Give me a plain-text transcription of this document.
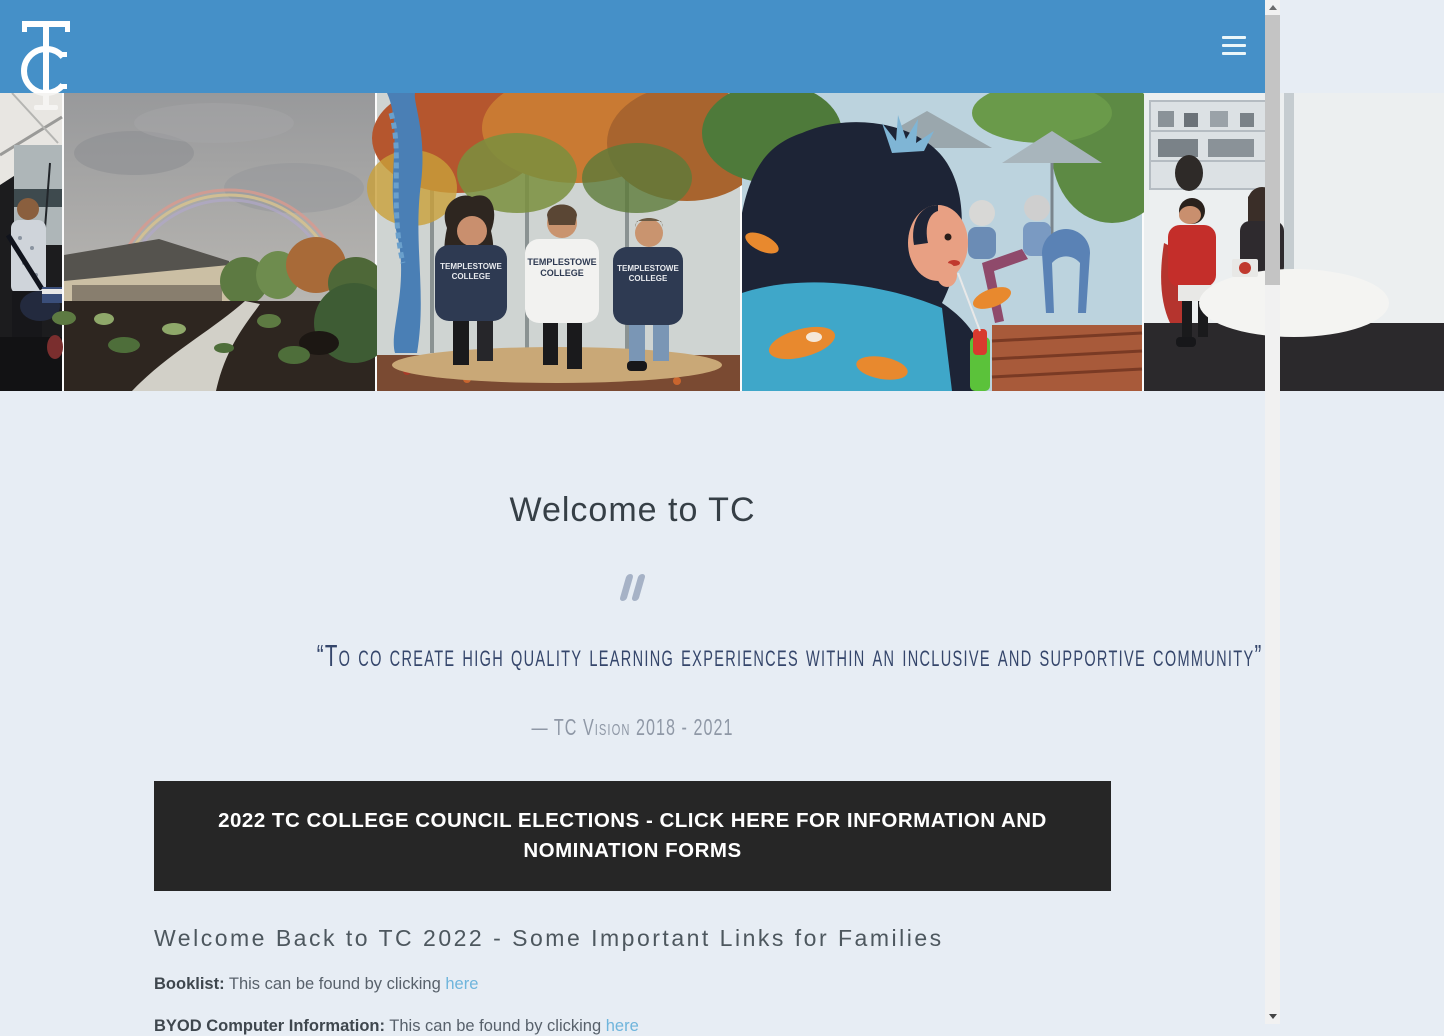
TEMPLESTOWE
COLLEGE
TEMPLESTOWE
COLLEGE	TEMPLESTOWE
COLLEGE
Welcome to TC
“To co create high quality learning experiences within an inclusive and supportive community”
— TC Vision 2018 - 2021
2022 TC COLLEGE COUNCIL ELECTIONS - CLICK HERE FOR INFORMATION AND NOMINATION FORMS
Welcome Back to TC 2022 - Some Important Links for Families

Booklist: This can be found by clicking here

BYOD Computer Information: This can be found by clicking here
